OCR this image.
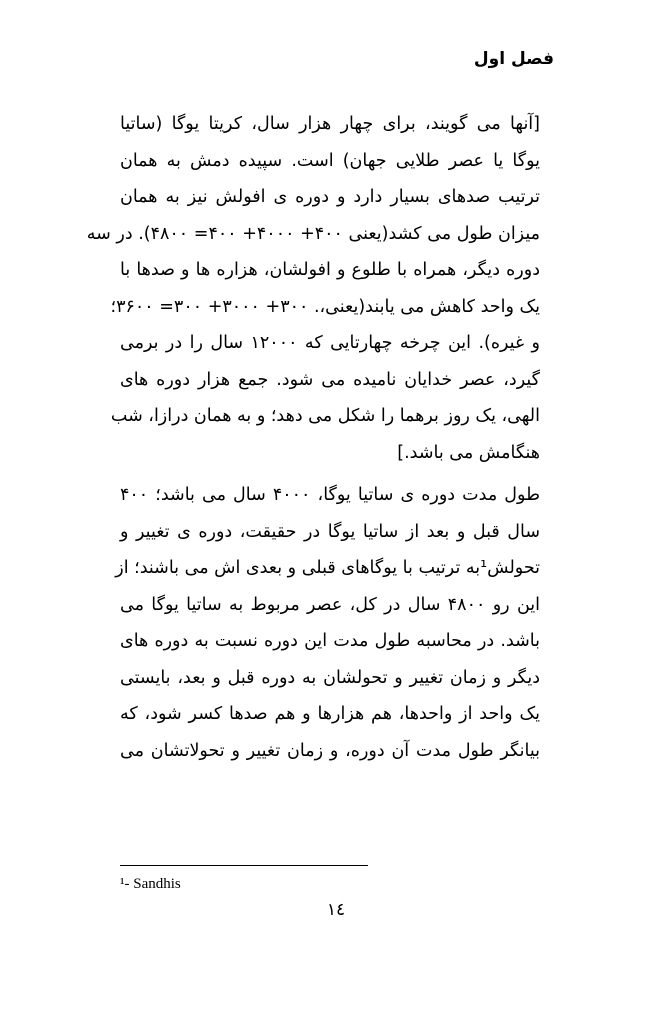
فصل اول
[آنها می گویند، برای چهار هزار سال، کریتا یوگا (ساتیا
یوگا یا عصر طلایی جهان) است. سپیده دمش به همان
ترتیب صدهای بسیار دارد و دوره ی افولش نیز به همان
میزان طول می کشد(یعنی ۴۰۰+ ۴۰۰۰+ ۴۰۰= ۴۸۰۰). در سه
دوره دیگر، همراه با طلوع و افولشان، هزاره ها و صدها با
یک واحد کاهش می یابند(یعنی،. ۳۰۰+ ۳۰۰۰+ ۳۰۰= ۳۶۰۰؛
و غیره). این چرخه چهارتایی که ۱۲۰۰۰ سال را در برمی
گیرد، عصر خدایان نامیده می شود. جمع هزار دوره های
الهی، یک روز برهما را شکل می دهد؛ و به همان درازا، شب
هنگامش می باشد.]
طول مدت دوره ی ساتیا یوگا، ۴۰۰۰ سال می باشد؛ ۴۰۰
سال قبل و بعد از ساتیا یوگا در حقیقت، دوره ی تغییر و
تحولش¹به ترتیب با یوگاهای قبلی و بعدی اش می باشند؛ از
این رو ۴۸۰۰ سال در کل، عصر مربوط به ساتیا یوگا می
باشد. در محاسبه طول مدت این دوره نسبت به دوره های
دیگر و زمان تغییر و تحولشان به دوره قبل و بعد، بایستی
یک واحد از واحدها، هم هزارها و هم صدها کسر شود، که
بیانگر طول مدت آن دوره، و زمان تغییر و تحولاتشان می
¹- Sandhis
۱٤
